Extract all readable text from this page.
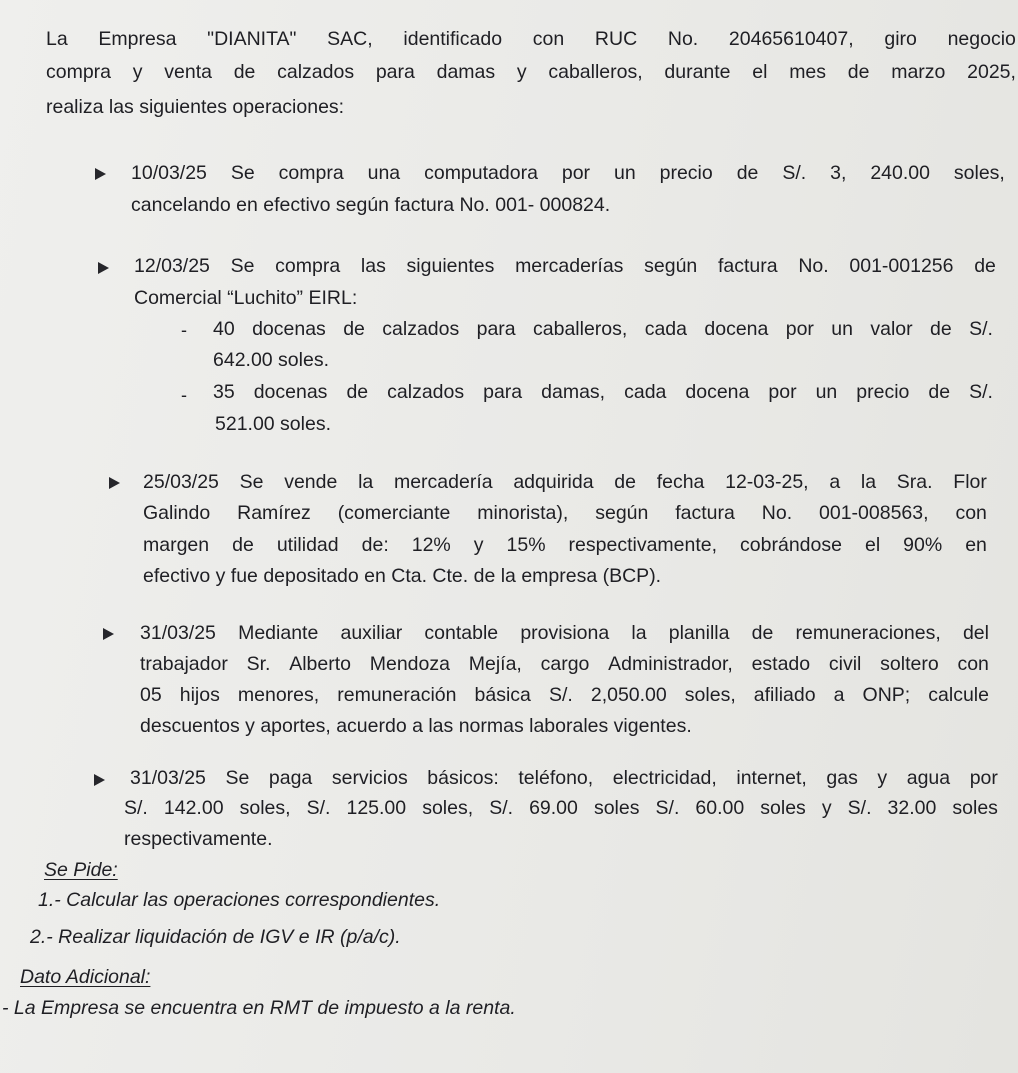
La Empresa "DIANITA" SAC, identificado con RUC No. 20465610407, giro negocio
compra y venta de calzados para damas y caballeros, durante el mes de marzo 2025,
realiza las siguientes operaciones:
10/03/25 Se compra una computadora por un precio de S/. 3, 240.00 soles,
cancelando en efectivo según factura No. 001- 000824.
12/03/25 Se compra las siguientes mercaderías según factura No. 001-001256 de
Comercial “Luchito” EIRL:
- 40 docenas de calzados para caballeros, cada docena por un valor de S/.
642.00 soles.
- 35 docenas de calzados para damas, cada docena por un precio de S/.
521.00 soles.
25/03/25 Se vende la mercadería adquirida de fecha 12-03-25, a la Sra. Flor
Galindo Ramírez (comerciante minorista), según factura No. 001-008563, con
margen de utilidad de: 12% y 15% respectivamente, cobrándose el 90% en
efectivo y fue depositado en Cta. Cte. de la empresa (BCP).
31/03/25 Mediante auxiliar contable provisiona la planilla de remuneraciones, del
trabajador Sr. Alberto Mendoza Mejía, cargo Administrador, estado civil soltero con
05 hijos menores, remuneración básica S/. 2,050.00 soles, afiliado a ONP; calcule
descuentos y aportes, acuerdo a las normas laborales vigentes.
31/03/25 Se paga servicios básicos: teléfono, electricidad, internet, gas y agua por
S/. 142.00 soles, S/. 125.00 soles, S/. 69.00 soles S/. 60.00 soles y S/. 32.00 soles
respectivamente.
Se Pide:
1.- Calcular las operaciones correspondientes.
2.- Realizar liquidación de IGV e IR (p/a/c).
Dato Adicional:
- La Empresa se encuentra en RMT de impuesto a la renta.
